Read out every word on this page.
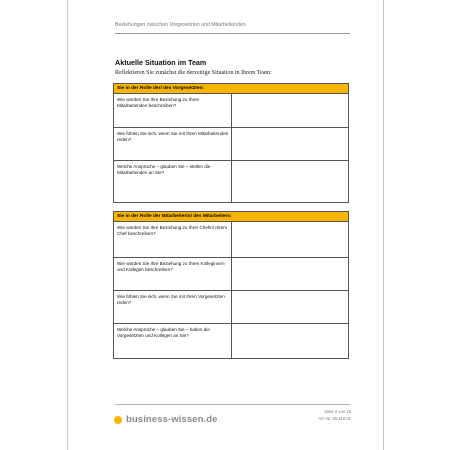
Beziehungen zwischen Vorgesetzten und Mitarbeitenden
Aktuelle Situation im Team
Reflektieren Sie zunächst die derzeitige Situation in Ihrem Team:
Sie in der Rolle der/ des Vorgesetzten:	
Wie würden Sie Ihre Beziehung zu Ihren Mitarbeitenden beschreiben?	
Wie fühlen Sie sich, wenn Sie mit Ihren Mitarbeitenden reden?	
Welche Ansprüche – glauben Sie – stellen die Mitarbeitenden an Sie?	
Sie in der Rolle der Mitarbeiterin/ des Mitarbeiters:	
Wie würden Sie Ihre Beziehung zu Ihrer Chefin/ Ihrem Chef beschreiben?	
Wie würden Sie Ihre Beziehung zu Ihren Kolleginnen und Kollegen beschreiben?	
Wie fühlen Sie sich, wenn Sie mit Ihren Vorgesetzten reden?	
Welche Ansprüche – glauben Sie – haben die Vorgesetzten und Kollegen an Sie?	
business-wissen.de
Seite 2 von 15
Art.-Nr. 06.110.01
